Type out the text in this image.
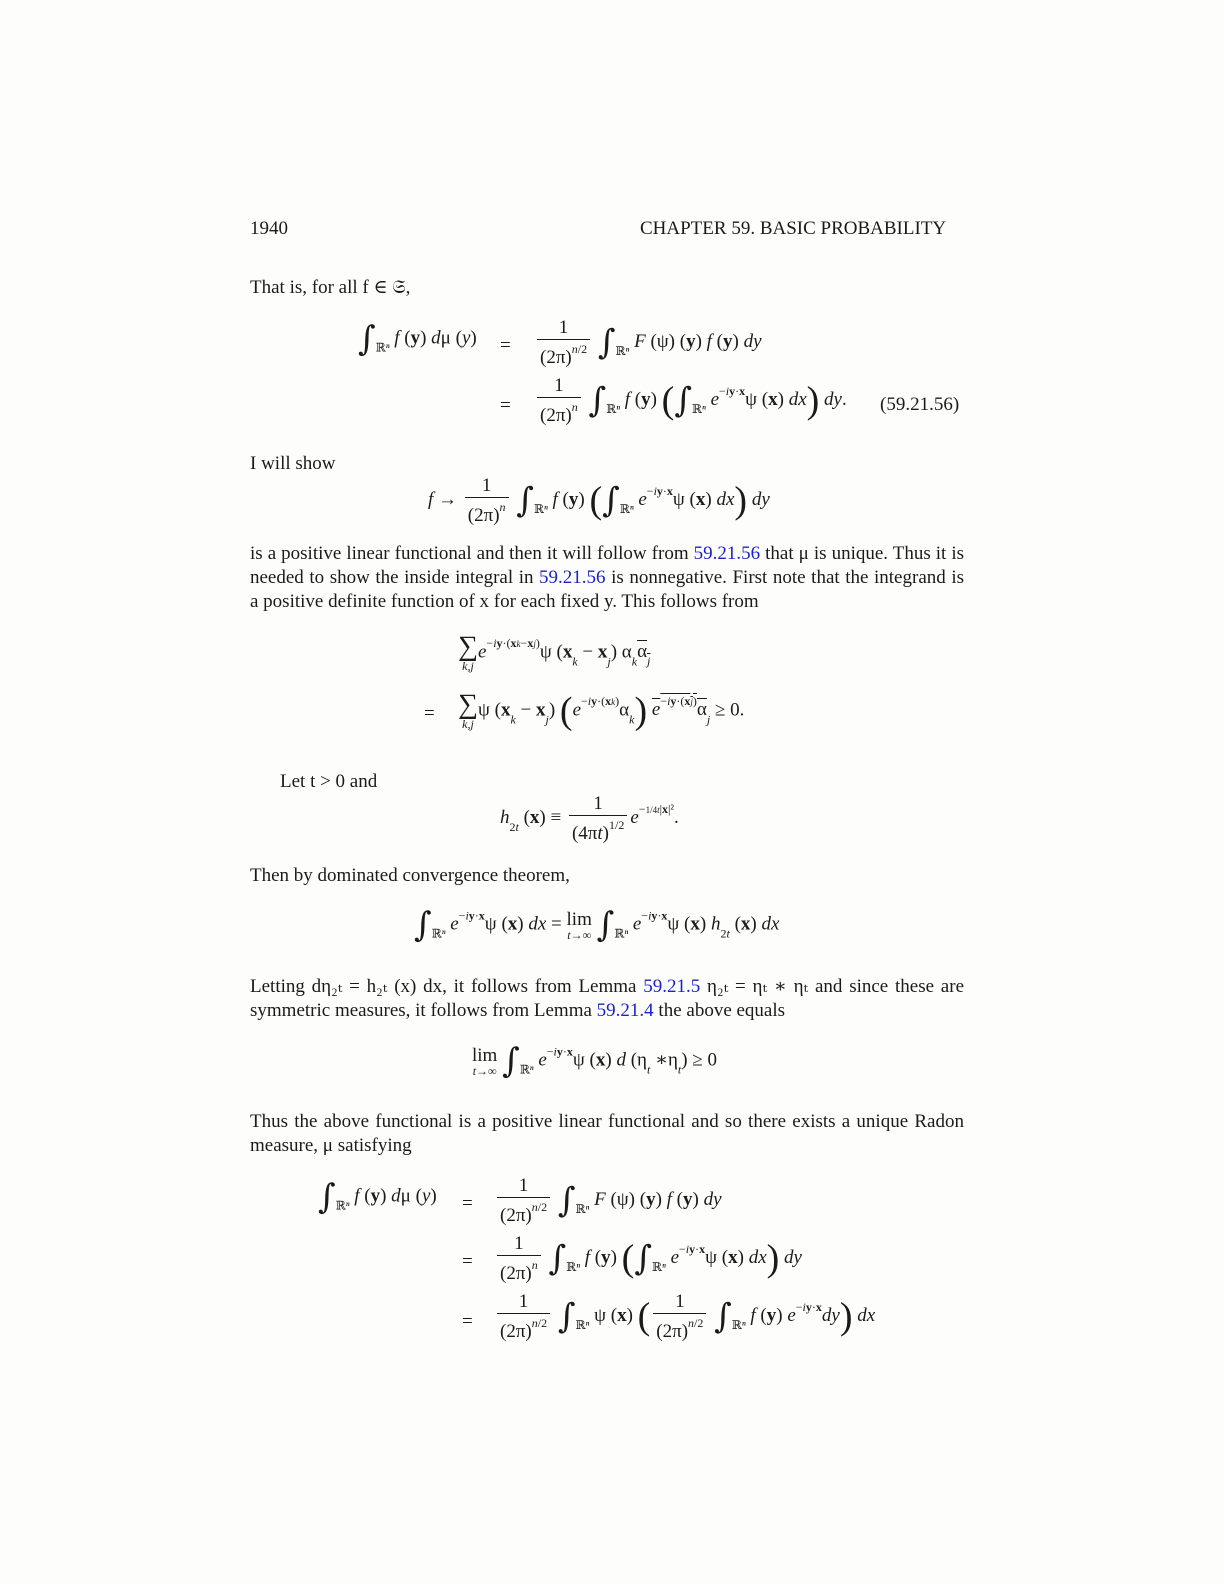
1940	CHAPTER 59. BASIC PROBABILITY

That is, for all f ∈ 𝔖,

$\int_{ℝ^n}$ f (y) dμ $(y) = \frac{1}{(2\pi)^{n/2}} \int_{ℝ^n}$ F (ψ) (y) f (y) dy
= $\frac{1}{(2\pi)^n} \int_{ℝ^n}$ f (y) ($\int_{ℝ^n}$ $e^{-iy\cdot x}\psi$ (x) dx) dy. (59.21.56)

I will show

$f \to \frac{1}{(2\pi)^n} \int_{ℝ^n}$ f (y) ($\int_{ℝ^n}$ $e^{-iy\cdot x}\psi$ (x) dx) dy

is a positive linear functional and then it will follow from 59.21.56 that μ is unique. Thus it is needed to show the inside integral in 59.21.56 is nonnegative. First note that the integrand is a positive definite function of x for each fixed y. This follows from

∑
k,j
$e^{-iy\cdot(xk-xj)}\psi$ $(x_k - x_j)$ $\alpha_k\alpha_j$
= ∑
k,j
ψ $(x_k - x_j)$ $(e^{-iy\cdot(xk)}\alpha_k) e^{-iy\cdot(xj)}\alpha_j \ge 0$.

Let t > 0 and

$h_{2t}$ $(x) \equiv \frac{1}{(4\pi t)^{1/2}} e^{-1/4t|x|^2}$.

Then by dominated convergence theorem,

$\int_{ℝ^n}$ $e^{-iy\cdot x}\psi$ (x) dx = lim
t→∞ $\int_{ℝ^n}$ $e^{-iy\cdot x}\psi$ (x) $h_{2t}$ (x) dx

Letting dη₂ₜ = h₂ₜ (x) dx, it follows from Lemma 59.21.5 η₂ₜ = ηₜ ∗ ηₜ and since these are symmetric measures, it follows from Lemma 59.21.4 the above equals

lim
t→∞ $\int_{ℝ^n}$ $e^{-iy\cdot x}\psi$ (x) d ($\eta_t$ $∗\eta_t) \ge 0$

Thus the above functional is a positive linear functional and so there exists a unique Radon measure, μ satisfying

$\int_{ℝ^n}$ f (y) dμ $(y) = \frac{1}{(2\pi)^{n/2}} \int_{ℝ^n}$ F (ψ) (y) f (y) dy
= $\frac{1}{(2\pi)^n} \int_{ℝ^n}$ f (y) ($\int_{ℝ^n}$ $e^{-iy\cdot x}\psi$ (x) dx) dy
= $\frac{1}{(2\pi)^{n/2}} \int_{ℝ^n}$ ψ (x) ( $\frac{1}{(2\pi)^{n/2}} \int_{ℝ^n}$ f (y) $e^{-iy\cdot x}dy$) dx
